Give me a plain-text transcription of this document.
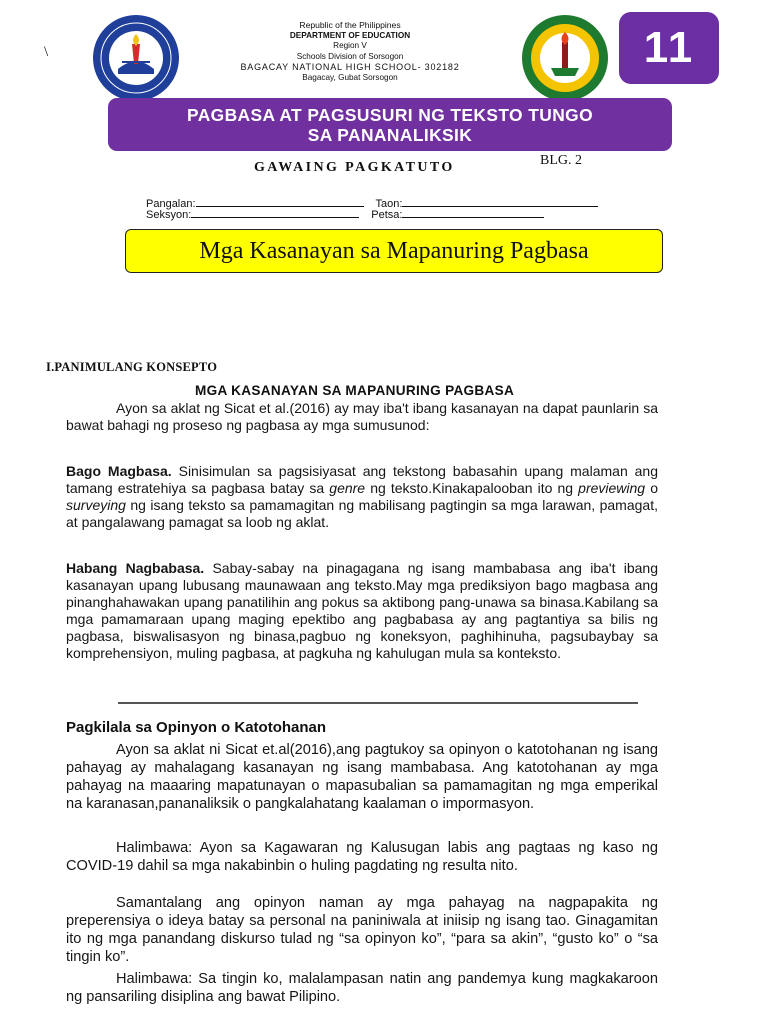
\
Republic of the Philippines
DEPARTMENT OF EDUCATION
Region V
Schools Division of Sorsogon
BAGACAY NATIONAL HIGH SCHOOL- 302182
Bagacay, Gubat Sorsogon
11
PAGBASA AT PAGSUSURI NG TEKSTO TUNGO
SA PANANALIKSIK
GAWAING PAGKATUTO	BLG. 2
Pangalan:	Taon:
Seksyon:	Petsa:
Mga Kasanayan sa Mapanuring Pagbasa
I.PANIMULANG KONSEPTO
MGA KASANAYAN SA MAPANURING PAGBASA

Ayon sa aklat ng Sicat et al.(2016) ay may iba't ibang kasanayan na dapat paunlarin sa bawat bahagi ng proseso ng pagbasa ay mga sumusunod:

Bago Magbasa. Sinisimulan sa pagsisiyasat ang tekstong babasahin upang malaman ang tamang estratehiya sa pagbasa batay sa genre ng teksto.Kinakapalooban ito ng previewing o surveying ng isang teksto sa pamamagitan ng mabilisang pagtingin sa mga larawan, pamagat, at pangalawang pamagat sa loob ng aklat.

Habang Nagbabasa. Sabay-sabay na pinagagana ng isang mambabasa ang iba't ibang kasanayan upang lubusang maunawaan ang teksto.May mga prediksiyon bago magbasa ang pinanghahawakan upang panatilihin ang pokus sa aktibong pang-unawa sa binasa.Kabilang sa mga pamamaraan upang maging epektibo ang pagbabasa ay ang pagtantiya sa bilis ng pagbasa, biswalisasyon ng binasa,pagbuo ng koneksyon, paghihinuha, pagsubaybay sa komprehensiyon, muling pagbasa, at pagkuha ng kahulugan mula sa konteksto.

Pagkilala sa Opinyon o Katotohanan

Ayon sa aklat ni Sicat et.al(2016),ang pagtukoy sa opinyon o katotohanan ng isang pahayag ay mahalagang kasanayan ng isang mambabasa. Ang katotohanan ay mga pahayag na maaaring mapatunayan o mapasubalian sa pamamagitan ng mga emperikal na karanasan,pananaliksik o pangkalahatang kaalaman o impormasyon.

Halimbawa: Ayon sa Kagawaran ng Kalusugan labis ang pagtaas ng kaso ng COVID-19 dahil sa mga nakabinbin o huling pagdating ng resulta nito.

Samantalang ang opinyon naman ay mga pahayag na nagpapakita ng preperensiya o ideya batay sa personal na paniniwala at iniisip ng isang tao. Ginagamitan ito ng mga panandang diskurso tulad ng “sa opinyon ko”, “para sa akin”, “gusto ko” o “sa tingin ko”.

Halimbawa: Sa tingin ko, malalampasan natin ang pandemya kung magkakaroon ng pansariling disiplina ang bawat Pilipino.
